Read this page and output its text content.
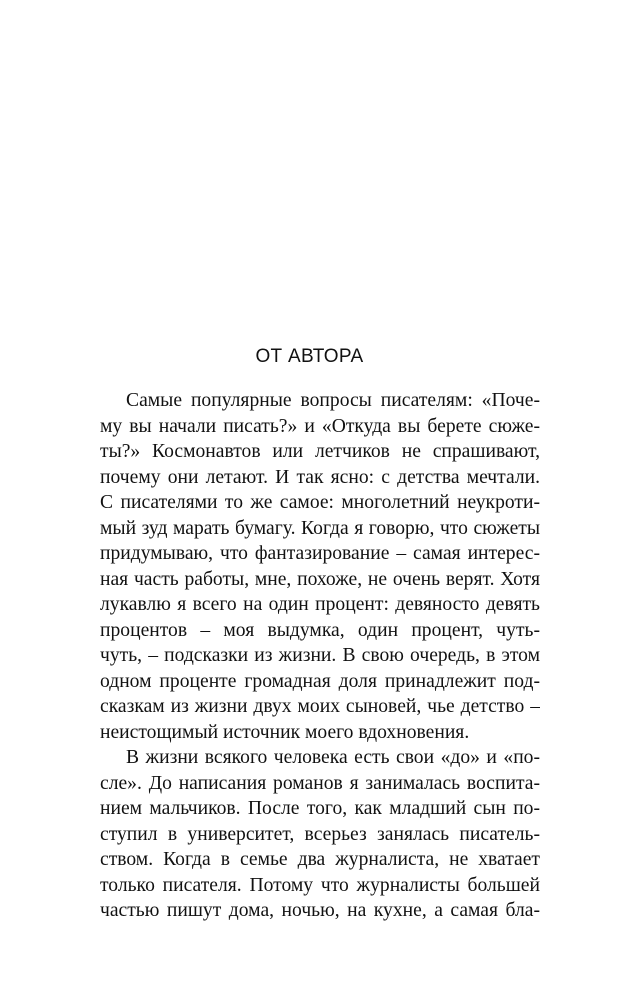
ОТ АВТОРА

Самые популярные вопросы писателям: «Поче-
му вы начали писать?» и «Откуда вы берете сюже-
ты?» Космонавтов или летчиков не спрашивают,
почему они летают. И так ясно: с детства мечтали.
С писателями то же самое: многолетний неукроти-
мый зуд марать бумагу. Когда я говорю, что сюжеты
придумываю, что фантазирование – самая интерес-
ная часть работы, мне, похоже, не очень верят. Хотя
лукавлю я всего на один процент: девяносто девять
процентов – моя выдумка, один процент, чуть-
чуть, – подсказки из жизни. В свою очередь, в этом
одном проценте громадная доля принадлежит под-
сказкам из жизни двух моих сыновей, чье детство –
неистощимый источник моего вдохновения.

В жизни всякого человека есть свои «до» и «по-
сле». До написания романов я занималась воспита-
нием мальчиков. После того, как младший сын по-
ступил в университет, всерьез занялась писатель-
ством. Когда в семье два журналиста, не хватает
только писателя. Потому что журналисты большей
частью пишут дома, ночью, на кухне, а самая бла-
